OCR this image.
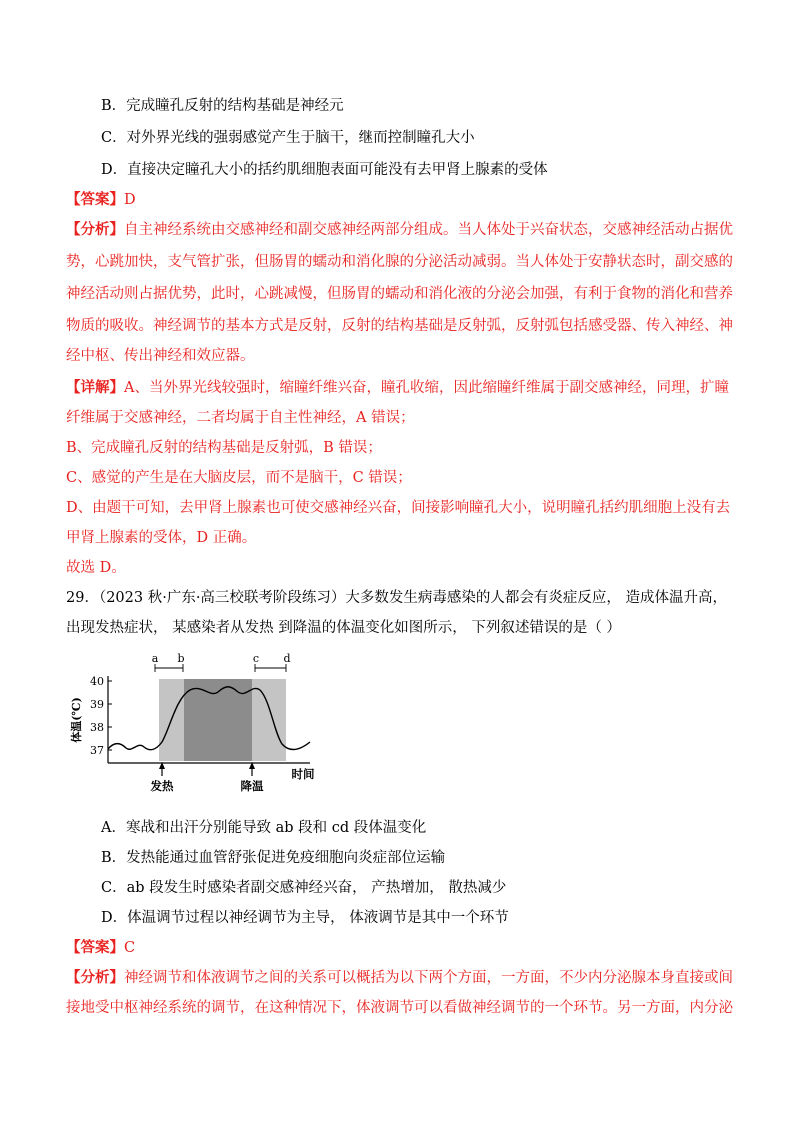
B．完成瞳孔反射的结构基础是神经元
C．对外界光线的强弱感觉产生于脑干，继而控制瞳孔大小
D．直接决定瞳孔大小的括约肌细胞表面可能没有去甲肾上腺素的受体
【答案】D
【分析】自主神经系统由交感神经和副交感神经两部分组成。当人体处于兴奋状态，交感神经活动占据优
势，心跳加快，支气管扩张，但肠胃的蠕动和消化腺的分泌活动减弱。当人体处于安静状态时，副交感的
神经活动则占据优势，此时，心跳减慢，但肠胃的蠕动和消化液的分泌会加强，有利于食物的消化和营养
物质的吸收。神经调节的基本方式是反射，反射的结构基础是反射弧，反射弧包括感受器、传入神经、神
经中枢、传出神经和效应器。
【详解】A、当外界光线较强时，缩瞳纤维兴奋，瞳孔收缩，因此缩瞳纤维属于副交感神经，同理，扩瞳
纤维属于交感神经，二者均属于自主性神经，A 错误；
B、完成瞳孔反射的结构基础是反射弧，B 错误；
C、感觉的产生是在大脑皮层，而不是脑干，C 错误；
D、由题干可知，去甲肾上腺素也可使交感神经兴奋，间接影响瞳孔大小，说明瞳孔括约肌细胞上没有去
甲肾上腺素的受体，D 正确。
故选 D。
29．（2023 秋·广东·高三校联考阶段练习）大多数发生病毒感染的人都会有炎症反应， 造成体温升高，
出现发热症状， 某感染者从发热 到降温的体温变化如图所示， 下列叙述错误的是（ ）
a b	c d
40
39
38
37
体温(℃)
发热	降温
时间
A．寒战和出汗分别能导致 ab 段和 cd 段体温变化
B．发热能通过血管舒张促进免疫细胞向炎症部位运输
C．ab 段发生时感染者副交感神经兴奋， 产热增加， 散热减少
D．体温调节过程以神经调节为主导， 体液调节是其中一个环节
【答案】C
【分析】神经调节和体液调节之间的关系可以概括为以下两个方面，一方面，不少内分泌腺本身直接或间
接地受中枢神经系统的调节，在这种情况下，体液调节可以看做神经调节的一个环节。另一方面，内分泌
